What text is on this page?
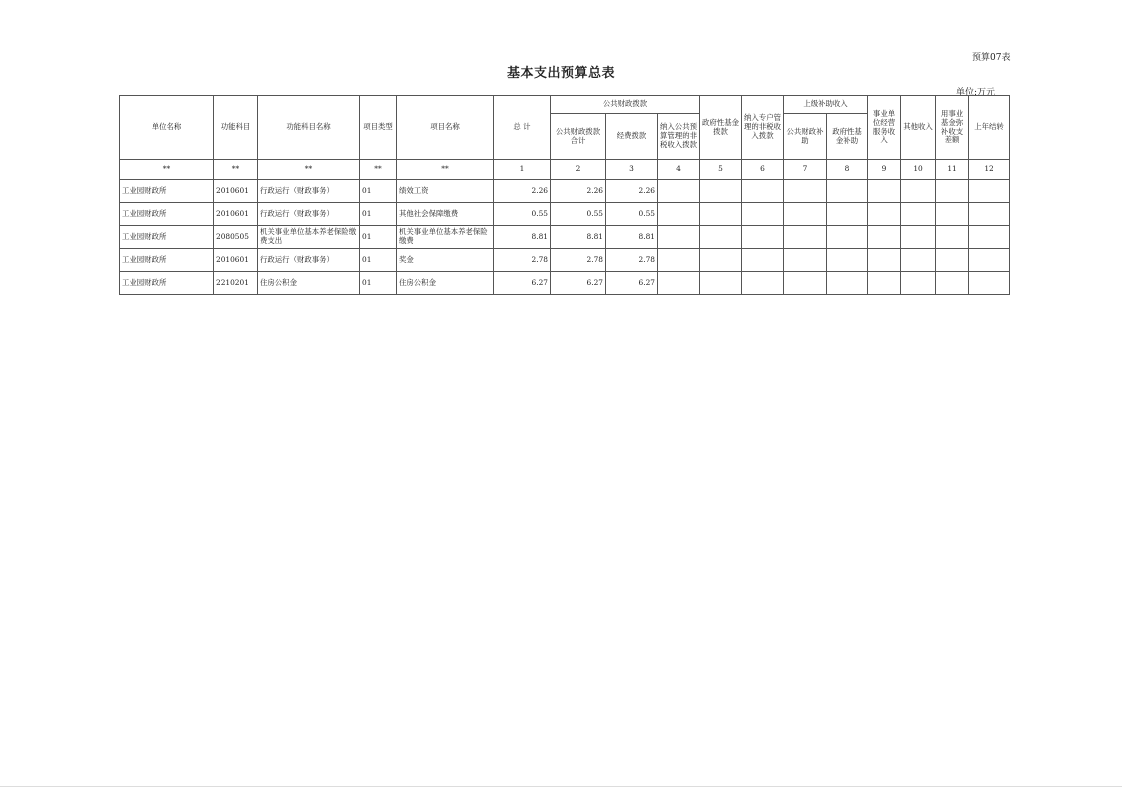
预算07表
基本支出预算总表
单位:万元
单位名称	功能科目	功能科目名称	项目类型	项目名称	总 计	公共财政拨款			政府性基金拨款	纳入专户管理的非税收入拨款	上级补助收入		事业单位经营服务收入	其他收入	用事业基金弥补收支差额	上年结转
						公共财政拨款合计	经费拨款	纳入公共预算管理的非税收入拨款			公共财政补助	政府性基金补助				
**	**	**	**	**	1	2	3	4	5	6	7	8	9	10	11	12
工业园财政所	2010601	行政运行（财政事务）	01	绩效工资	2.26	2.26	2.26									
工业园财政所	2010601	行政运行（财政事务）	01	其他社会保障缴费	0.55	0.55	0.55									
工业园财政所	2080505	机关事业单位基本养老保险缴费支出	01	机关事业单位基本养老保险缴费	8.81	8.81	8.81									
工业园财政所	2010601	行政运行（财政事务）	01	奖金	2.78	2.78	2.78									
工业园财政所	2210201	住房公积金	01	住房公积金	6.27	6.27	6.27									
